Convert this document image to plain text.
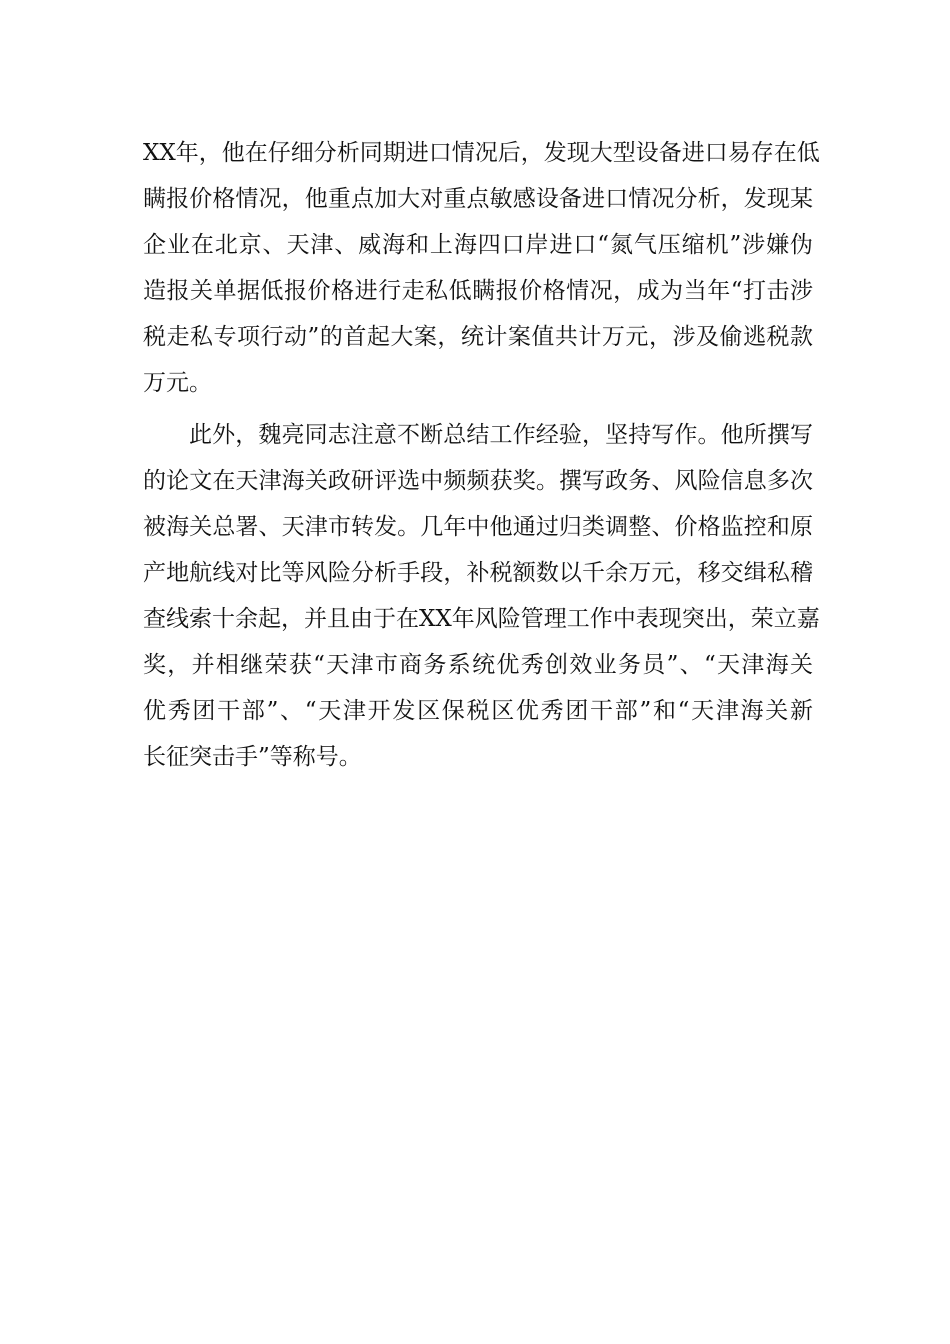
XX年，他在仔细分析同期进口情况后，发现大型设备进口易存在低
瞒报价格情况，他重点加大对重点敏感设备进口情况分析，发现某
企业在北京、天津、威海和上海四口岸进口“氮气压缩机”涉嫌伪
造报关单据低报价格进行走私低瞒报价格情况，成为当年“打击涉
税走私专项行动”的首起大案，统计案值共计万元，涉及偷逃税款
万元。
此外，魏亮同志注意不断总结工作经验，坚持写作。他所撰写
的论文在天津海关政研评选中频频获奖。撰写政务、风险信息多次
被海关总署、天津市转发。几年中他通过归类调整、价格监控和原
产地航线对比等风险分析手段，补税额数以千余万元，移交缉私稽
查线索十余起，并且由于在XX年风险管理工作中表现突出，荣立嘉
奖，并相继荣获“天津市商务系统优秀创效业务员”、“天津海关
优秀团干部”、“天津开发区保税区优秀团干部”和“天津海关新
长征突击手”等称号。
